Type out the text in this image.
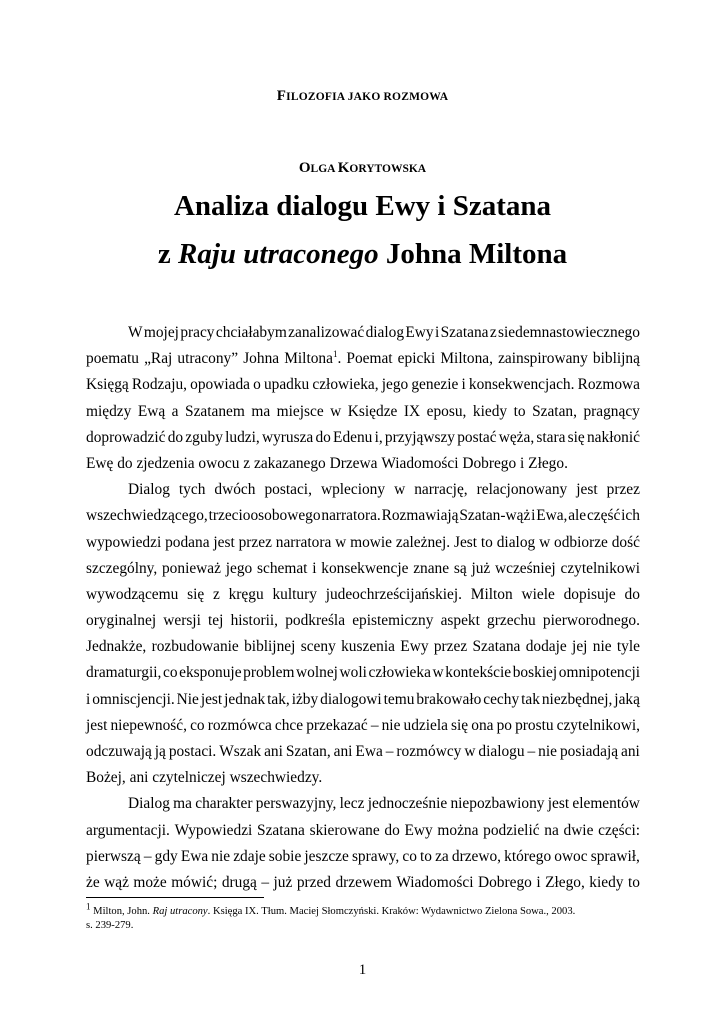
FILOZOFIA JAKO ROZMOWA
OLGA KORYTOWSKA
Analiza dialogu Ewy i Szatana
z Raju utraconego Johna Miltona
W mojej pracy chciałabym zanalizować dialog Ewy i Szatana z siedemnastowiecznego
poematu „Raj utracony” Johna Miltona$^1$. Poemat epicki Miltona, zainspirowany biblijną
Księgą Rodzaju, opowiada o upadku człowieka, jego genezie i konsekwencjach. Rozmowa
między Ewą a Szatanem ma miejsce w Księdze IX eposu, kiedy to Szatan, pragnący
doprowadzić do zguby ludzi, wyrusza do Edenu i, przyjąwszy postać węża, stara się nakłonić
Ewę do zjedzenia owocu z zakazanego Drzewa Wiadomości Dobrego i Złego.
Dialog tych dwóch postaci, wpleciony w narrację, relacjonowany jest przez
wszechwiedzącego, trzecioosobowego narratora. Rozmawiają Szatan-wąż i Ewa, ale część ich
wypowiedzi podana jest przez narratora w mowie zależnej. Jest to dialog w odbiorze dość
szczególny, ponieważ jego schemat i konsekwencje znane są już wcześniej czytelnikowi
wywodzącemu się z kręgu kultury judeochrześcijańskiej. Milton wiele dopisuje do
oryginalnej wersji tej historii, podkreśla epistemiczny aspekt grzechu pierworodnego.
Jednakże, rozbudowanie biblijnej sceny kuszenia Ewy przez Szatana dodaje jej nie tyle
dramaturgii, co eksponuje problem wolnej woli człowieka w kontekście boskiej omnipotencji
i omniscjencji. Nie jest jednak tak, iżby dialogowi temu brakowało cechy tak niezbędnej, jaką
jest niepewność, co rozmówca chce przekazać – nie udziela się ona po prostu czytelnikowi,
odczuwają ją postaci. Wszak ani Szatan, ani Ewa – rozmówcy w dialogu – nie posiadają ani
Bożej, ani czytelniczej wszechwiedzy.
Dialog ma charakter perswazyjny, lecz jednocześnie niepozbawiony jest elementów
argumentacji. Wypowiedzi Szatana skierowane do Ewy można podzielić na dwie części:
pierwszą – gdy Ewa nie zdaje sobie jeszcze sprawy, co to za drzewo, którego owoc sprawił,
że wąż może mówić; drugą – już przed drzewem Wiadomości Dobrego i Złego, kiedy to
$^1$ Milton, John. Raj utracony. Księga IX. Tłum. Maciej Słomczyński. Kraków: Wydawnictwo Zielona Sowa., 2003.
s. 239-279.
1
